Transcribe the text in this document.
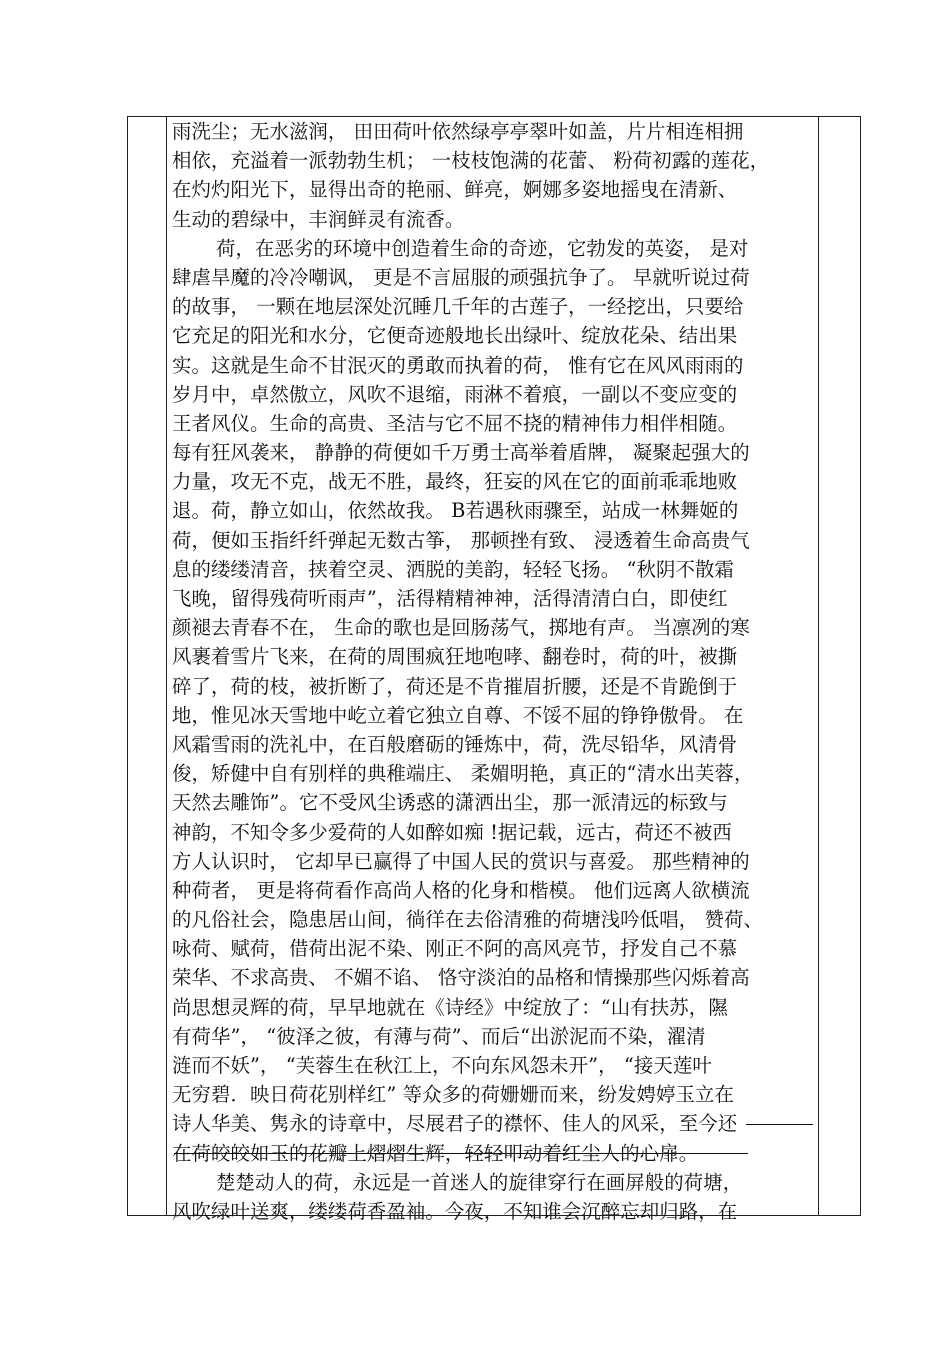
雨洗尘；无水滋润， 田田荷叶依然绿亭亭翠叶如盖，片片相连相拥
相依，充溢着一派勃勃生机； 一枝枝饱满的花蕾、 粉荷初露的莲花，
在灼灼阳光下，显得出奇的艳丽、鲜亮，婀娜多姿地摇曳在清新、
生动的碧绿中，丰润鲜灵有流香。
荷，在恶劣的环境中创造着生命的奇迹，它勃发的英姿， 是对
肆虐旱魔的冷冷嘲讽， 更是不言屈服的顽强抗争了。 早就听说过荷
的故事， 一颗在地层深处沉睡几千年的古莲子，一经挖出，只要给
它充足的阳光和水分，它便奇迹般地长出绿叶、绽放花朵、结出果
实。这就是生命不甘泯灭的勇敢而执着的荷， 惟有它在风风雨雨的
岁月中，卓然傲立，风吹不退缩，雨淋不着痕，一副以不变应变的
王者风仪。生命的高贵、圣洁与它不屈不挠的精神伟力相伴相随。
每有狂风袭来， 静静的荷便如千万勇士高举着盾牌， 凝聚起强大的
力量，攻无不克，战无不胜，最终，狂妄的风在它的面前乖乖地败
退。荷，静立如山，依然故我。 B若遇秋雨骤至，站成一林舞姬的
荷，便如玉指纤纤弹起无数古筝， 那顿挫有致、 浸透着生命高贵气
息的缕缕清音，挟着空灵、洒脱的美韵，轻轻飞扬。 “秋阴不散霜
飞晚，留得残荷听雨声”，活得精精神神，活得清清白白，即使红
颜褪去青春不在， 生命的歌也是回肠荡气，掷地有声。 当凛冽的寒
风裹着雪片飞来，在荷的周围疯狂地咆哮、翻卷时，荷的叶，被撕
碎了，荷的枝，被折断了，荷还是不肯摧眉折腰，还是不肯跪倒于
地，惟见冰天雪地中屹立着它独立自尊、不馁不屈的铮铮傲骨。 在
风霜雪雨的洗礼中，在百般磨砺的锤炼中，荷，洗尽铅华，风清骨
俊，矫健中自有别样的典稚端庄、 柔媚明艳，真正的“清水出芙蓉，
天然去雕饰”。它不受风尘诱惑的潇洒出尘，那一派清远的标致与
神韵，不知令多少爱荷的人如醉如痴 !据记载，远古，荷还不被西
方人认识时， 它却早已赢得了中国人民的赏识与喜爱。 那些精神的
种荷者， 更是将荷看作高尚人格的化身和楷模。 他们远离人欲横流
的凡俗社会，隐患居山间，徜徉在去俗清雅的荷塘浅吟低唱， 赞荷、
咏荷、赋荷，借荷出泥不染、刚正不阿的高风亮节，抒发自己不慕
荣华、不求高贵、 不媚不谄、 恪守淡泊的品格和情操那些闪烁着高
尚思想灵辉的荷，早早地就在《诗经》中绽放了：“山有扶苏，隰
有荷华”， “彼泽之彼，有薄与荷”、而后“出淤泥而不染，濯清
涟而不妖”， “芙蓉生在秋江上，不向东风怨未开”， “接天莲叶
无穷碧．映日荷花别样红” 等众多的荷姗姗而来，纷发娉婷玉立在
诗人华美、隽永的诗章中，尽展君子的襟怀、佳人的风采，至今还
在荷皎皎如玉的花瓣上熠熠生辉，轻轻叩动着红尘人的心扉。
楚楚动人的荷，永远是一首迷人的旋律穿行在画屏般的荷塘，
风吹绿叶送爽，缕缕荷香盈袖。今夜，不知谁会沉醉忘却归路，在
